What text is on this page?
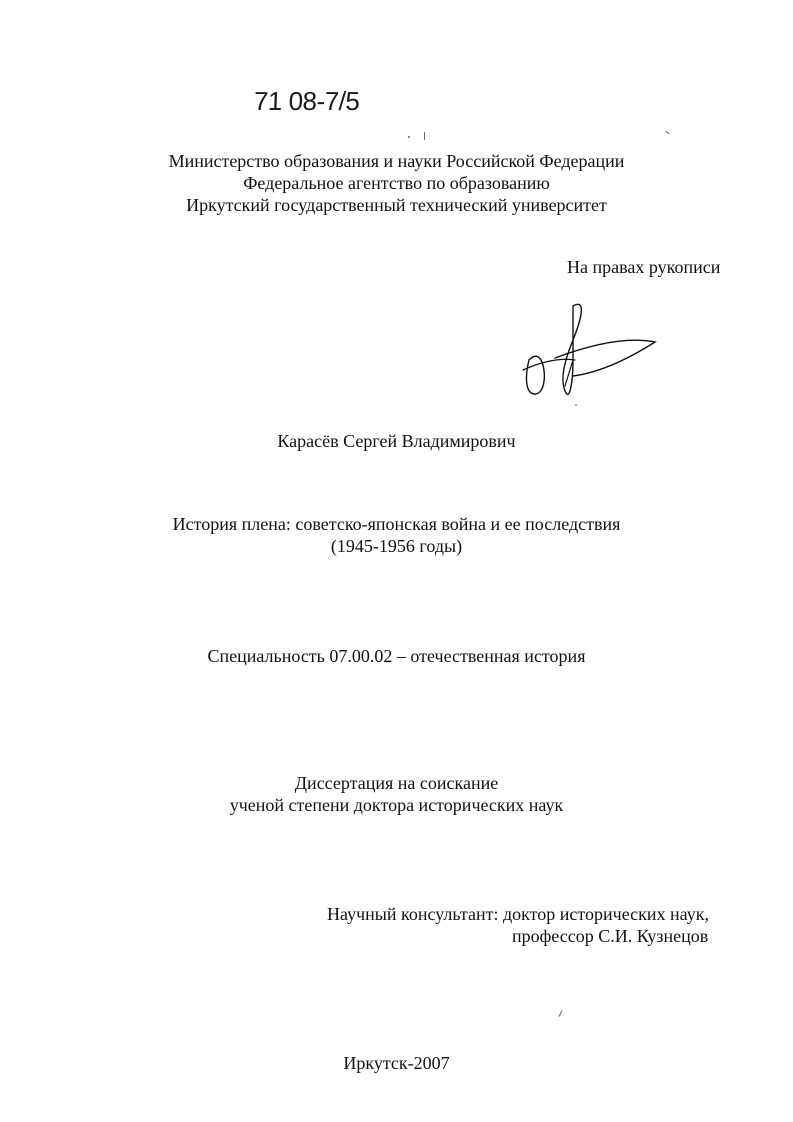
71 08-7/5
Министерство образования и науки Российской Федерации
Федеральное агентство по образованию
Иркутский государственный технический университет
На правах рукописи
Карасёв Сергей Владимирович
История плена: советско-японская война и ее последствия
(1945-1956 годы)
Специальность 07.00.02 – отечественная история
Диссертация на соискание
ученой степени доктора исторических наук
Научный консультант: доктор исторических наук,
профессор С.И. Кузнецов
Иркутск-2007
